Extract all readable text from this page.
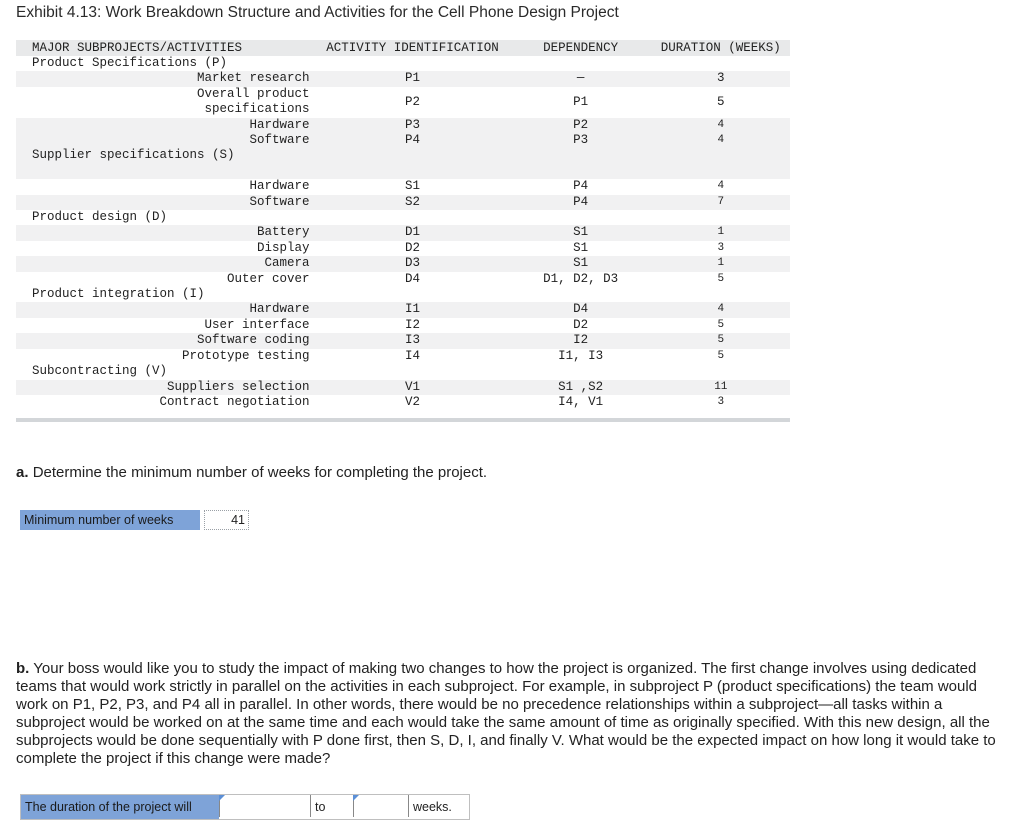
Exhibit 4.13: Work Breakdown Structure and Activities for the Cell Phone Design Project
MAJOR SUBPROJECTS/ACTIVITIES	ACTIVITY IDENTIFICATION	DEPENDENCY	DURATION (WEEKS)
Product Specifications (P)			
Market research	P1	—	3

Overall product
specifications	P2	P1	5
Hardware	P3	P2	4
Software	P4	P3	4
Supplier specifications (S)			

Hardware	S1	P4	4
Software	S2	P4	7
Product design (D)			
Battery	D1	S1	1
Display	D2	S1	3
Camera	D3	S1	1
Outer cover	D4	D1, D2, D3	5
Product integration (I)			
Hardware	I1	D4	4
User interface	I2	D2	5
Software coding	I3	I2	5
Prototype testing	I4	I1, I3	5
Subcontracting (V)			
Suppliers selection	V1	S1 ,S2	11
Contract negotiation	V2	I4, V1	3
a. Determine the minimum number of weeks for completing the project.
Minimum number of weeks	41
b. Your boss would like you to study the impact of making two changes to how the project is organized. The first change involves using dedicated teams that would work strictly in parallel on the activities in each subproject. For example, in subproject P (product specifications) the team would work on P1, P2, P3, and P4 all in parallel. In other words, there would be no precedence relationships within a subproject—all tasks within a subproject would be worked on at the same time and each would take the same amount of time as originally specified. With this new design, all the subprojects would be done sequentially with P done first, then S, D, I, and finally V. What would be the expected impact on how long it would take to complete the project if this change were made?
The duration of the project will	to	weeks.
